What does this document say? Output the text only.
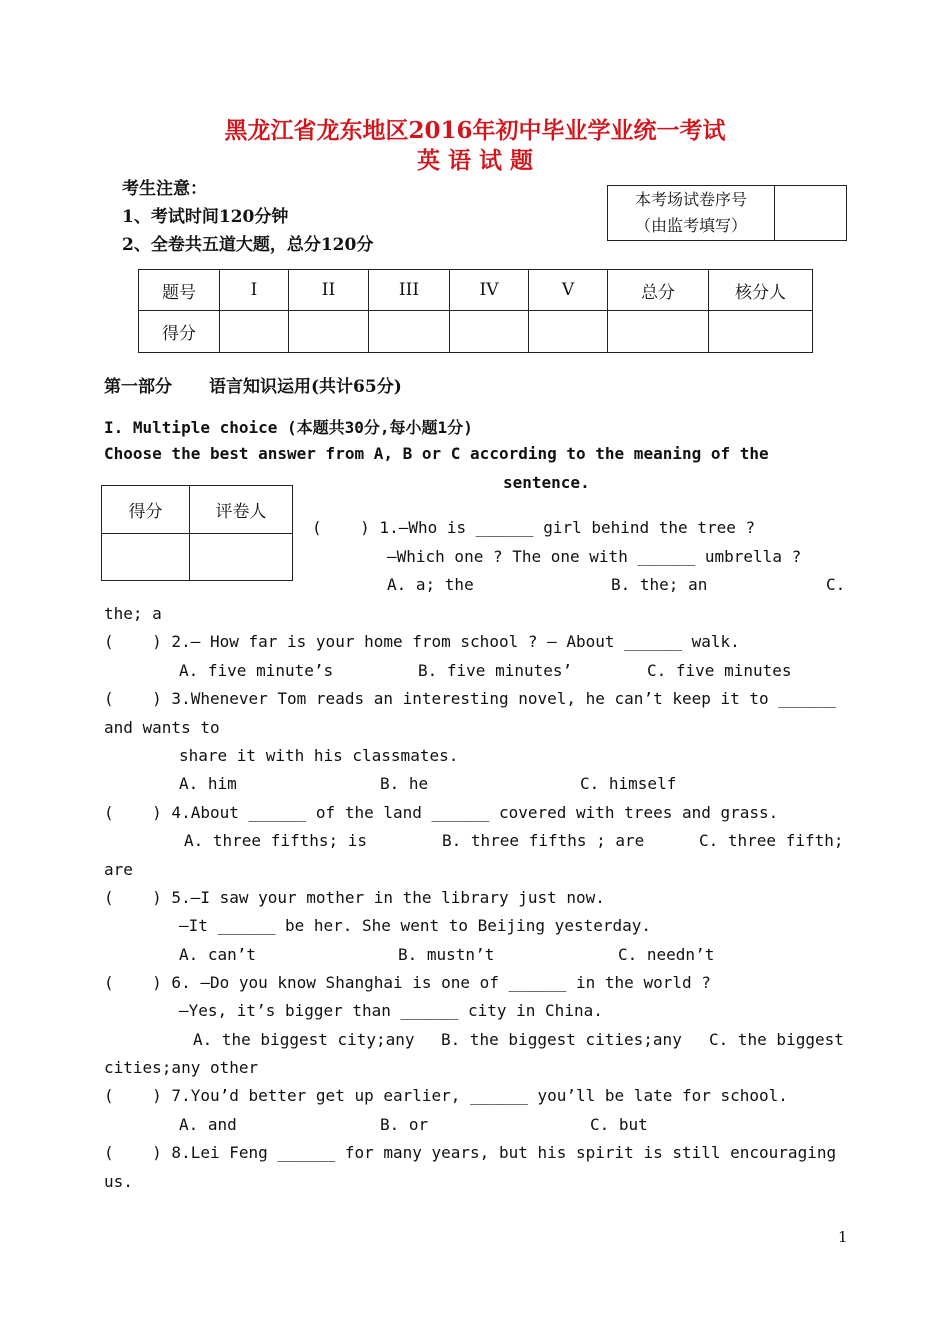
黑龙江省龙东地区2016年初中毕业学业统一考试
英 语 试 题
考生注意：
1、考试时间120分钟
2、全卷共五道大题，总分120分
本考场试卷序号
（由监考填写）

题号	I	II	III	IV	V	总分	核分人
得分							
第一部分 语言知识运用(共计65分)
I. Multiple choice (本题共30分,每小题1分)
Choose the best answer from A, B or C according to the meaning of the
sentence.
得分	评卷人

(    ) 1.—Who is ______ girl behind the tree ?
—Which one ? The one with ______ umbrella ?
A. a; the	B. the; an	C.
the; a
(    ) 2.— How far is your home from school ? — About ______ walk.
A. five minute’s	B. five minutes’	C. five minutes
(    ) 3.Whenever Tom reads an interesting novel, he can’t keep it to ______
and wants to
share it with his classmates.
A. him	B. he	C. himself
(    ) 4.About ______ of the land ______ covered with trees and grass.
A. three fifths; is	B. three fifths ; are	C. three fifth;
are
(    ) 5.—I saw your mother in the library just now.
—It ______ be her. She went to Beijing yesterday.
A. can’t	B. mustn’t	C. needn’t
(    ) 6. —Do you know Shanghai is one of ______ in the world ?
—Yes, it’s bigger than ______ city in China.
A. the biggest city;any B. the biggest cities;any C. the biggest
cities;any other
(    ) 7.You’d better get up earlier, ______ you’ll be late for school.
A. and	B. or	C. but
(    ) 8.Lei Feng ______ for many years, but his spirit is still encouraging
us.
1
